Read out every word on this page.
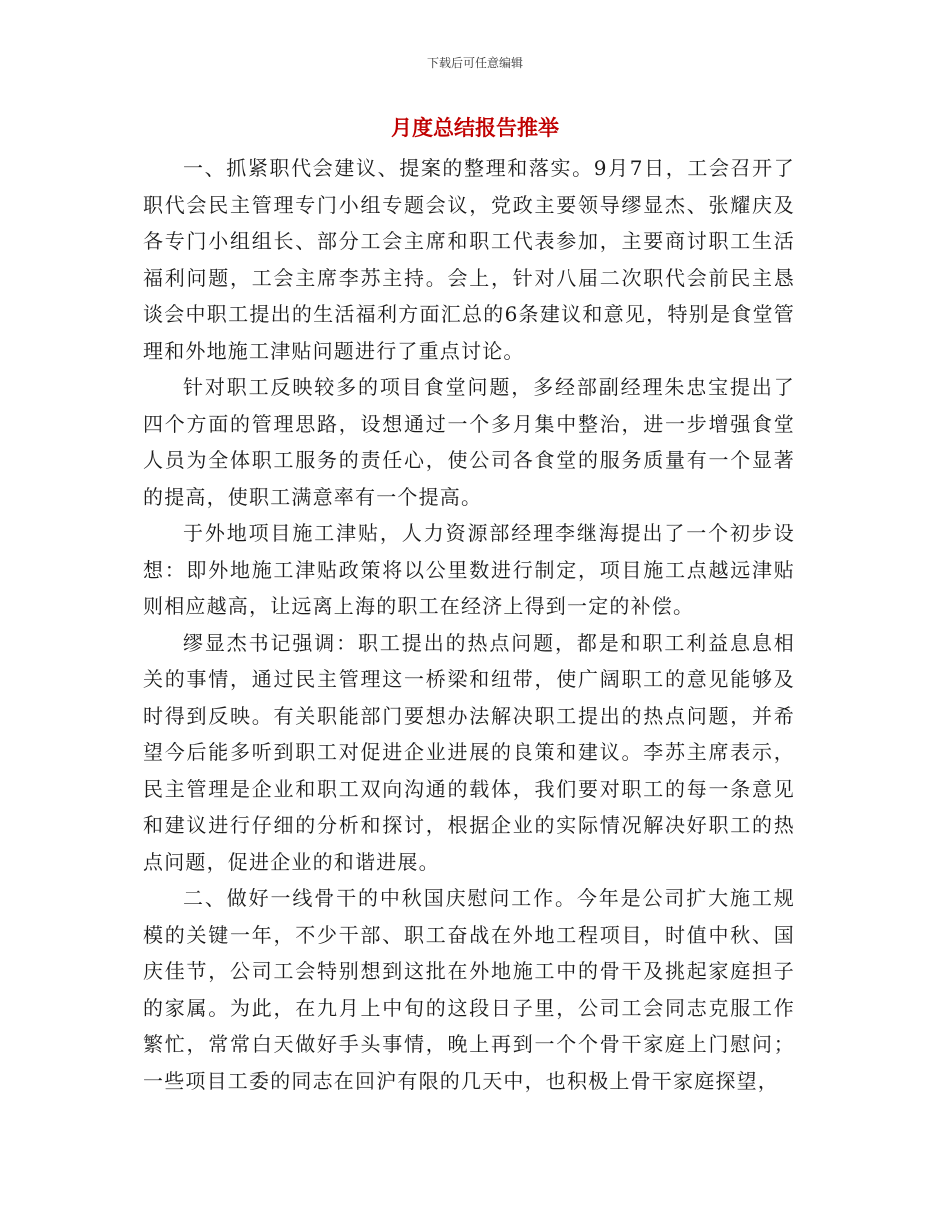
下载后可任意编辑
月度总结报告推举

一、抓紧职代会建议、提案的整理和落实。9月7日，工会召开了职代会民主管理专门小组专题会议，党政主要领导缪显杰、张耀庆及各专门小组组长、部分工会主席和职工代表参加，主要商讨职工生活福利问题，工会主席李苏主持。会上，针对八届二次职代会前民主恳谈会中职工提出的生活福利方面汇总的6条建议和意见，特别是食堂管理和外地施工津贴问题进行了重点讨论。

针对职工反映较多的项目食堂问题，多经部副经理朱忠宝提出了四个方面的管理思路，设想通过一个多月集中整治，进一步增强食堂人员为全体职工服务的责任心，使公司各食堂的服务质量有一个显著的提高，使职工满意率有一个提高。

于外地项目施工津贴，人力资源部经理李继海提出了一个初步设想：即外地施工津贴政策将以公里数进行制定，项目施工点越远津贴则相应越高，让远离上海的职工在经济上得到一定的补偿。

缪显杰书记强调：职工提出的热点问题，都是和职工利益息息相关的事情，通过民主管理这一桥梁和纽带，使广阔职工的意见能够及时得到反映。有关职能部门要想办法解决职工提出的热点问题，并希望今后能多听到职工对促进企业进展的良策和建议。李苏主席表示，民主管理是企业和职工双向沟通的载体，我们要对职工的每一条意见和建议进行仔细的分析和探讨，根据企业的实际情况解决好职工的热点问题，促进企业的和谐进展。

二、做好一线骨干的中秋国庆慰问工作。今年是公司扩大施工规模的关键一年，不少干部、职工奋战在外地工程项目，时值中秋、国庆佳节，公司工会特别想到这批在外地施工中的骨干及挑起家庭担子的家属。为此，在九月上中旬的这段日子里，公司工会同志克服工作繁忙，常常白天做好手头事情，晚上再到一个个骨干家庭上门慰问；一些项目工委的同志在回沪有限的几天中，也积极上骨干家庭探望，
